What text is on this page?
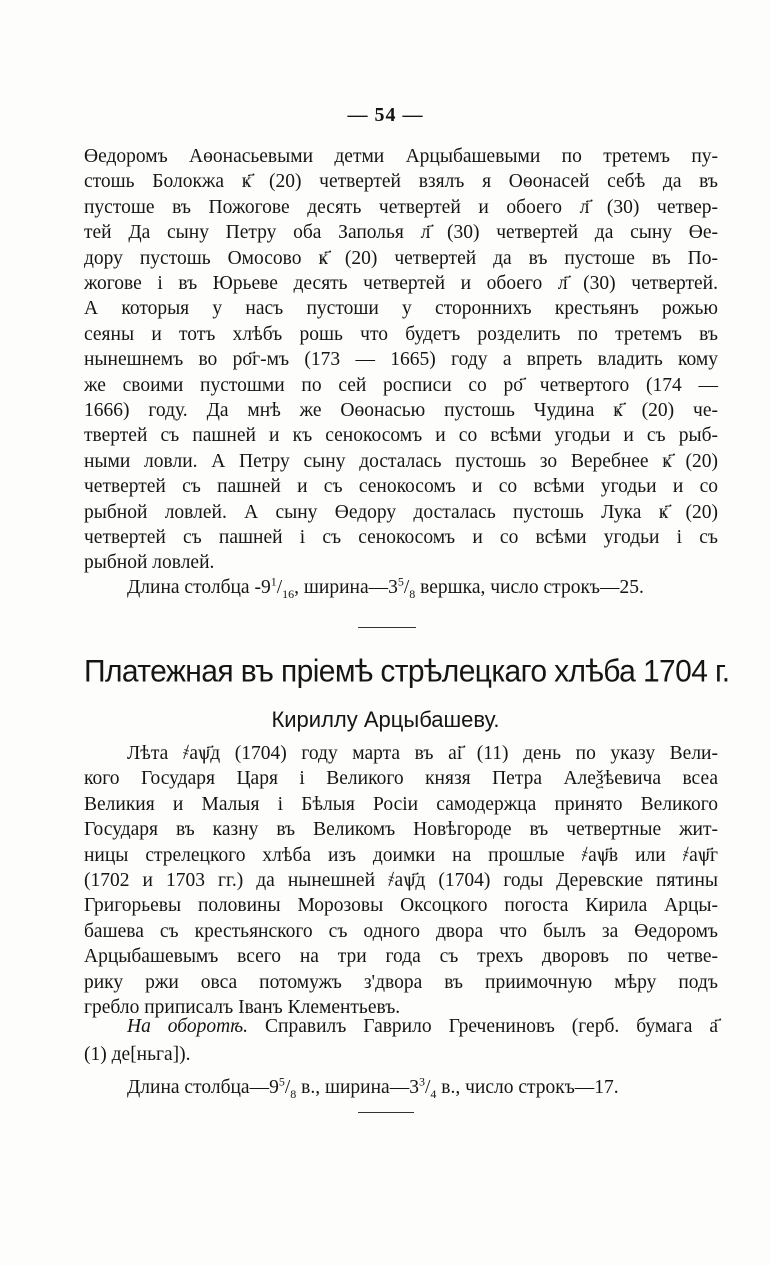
— 54 —
Өедоромъ Аөонасьевыми детми Арцыбашевыми по третемъ пу-
стошь Болокжа ҝ҃ (20) четвертей взялъ я Оөонасей себѣ да въ
пустоше въ Пожогове десять четвертей и обоего л҃ (30) четвер-
тей Да сыну Петру оба Заполья л҃ (30) четвертей да сыну Өе-
дору пустошь Омосово ҝ҃ (20) четвертей да въ пустоше въ По-
жогове і въ Юрьеве десять четвертей и обоего л҃ (30) четвертей.
А которыя у насъ пустоши у стороннихъ крестьянъ рожью
сеяны и тотъ хлѣбъ рошь что будетъ розделить по третемъ въ
нынешнемъ во ро҃г-мъ (173 — 1665) году а впреть владить кому
же своими пустошми по сей росписи со ро҃ четвертого (174 —
1666) году. Да мнѣ же Оөонасью пустошь Чудина ҝ҃ (20) че-
твертей съ пашней и къ сенокосомъ и со всѣми угодьи и съ рыб-
ными ловли. А Петру сыну досталась пустошь зо Веребнее ҝ҃ (20)
четвертей съ пашней и съ сенокосомъ и со всѣми угодьи и со
рыбной ловлей. А сыну Өедору досталась пустошь Лука ҝ҃ (20)
четвертей съ пашней і съ сенокосомъ и со всѣми угодьи і съ
рыбной ловлей.
Длина столбца $-9^1/_{16}$, $ширина—3^5/_8$ вершка, число строкъ—25.
Платежная въ пріемѣ стрѣлецкаго хлѣба 1704 г.
Кириллу Арцыбашеву.
Лѣта ҂аѱ҃д (1704) году марта въ аі҃ (11) день по указу Вели-
кого Государя Царя і Великого князя Петра Алеѯѣевича всеа
Великия и Малыя і Бѣлыя Росіи самодержца принято Великого
Государя въ казну въ Великомъ Новѣгороде въ четвертные жит-
ницы стрелецкого хлѣба изъ доимки на прошлые ҂аѱ҃в или ҂аѱ҃г
(1702 и 1703 гг.) да нынешней ҂аѱ҃д (1704) годы Деревские пятины
Григорьевы половины Морозовы Оксоцкого погоста Кирила Арцы-
башева съ крестьянского съ одного двора что былъ за Өедоромъ
Арцыбашевымъ всего на три года съ трехъ дворовъ по четве-
рику ржи овса потомужъ з'двора въ приимочную мѣру подъ
гребло приписалъ Іванъ Клементьевъ.
На оборотѣ. Справилъ Гаврило Гречениновъ (герб. бумага а҃
(1) де[ньга]).
Длина $столбца—9^5/_8$ в., $ширина—3^3/_4$ в., число строкъ—17.
